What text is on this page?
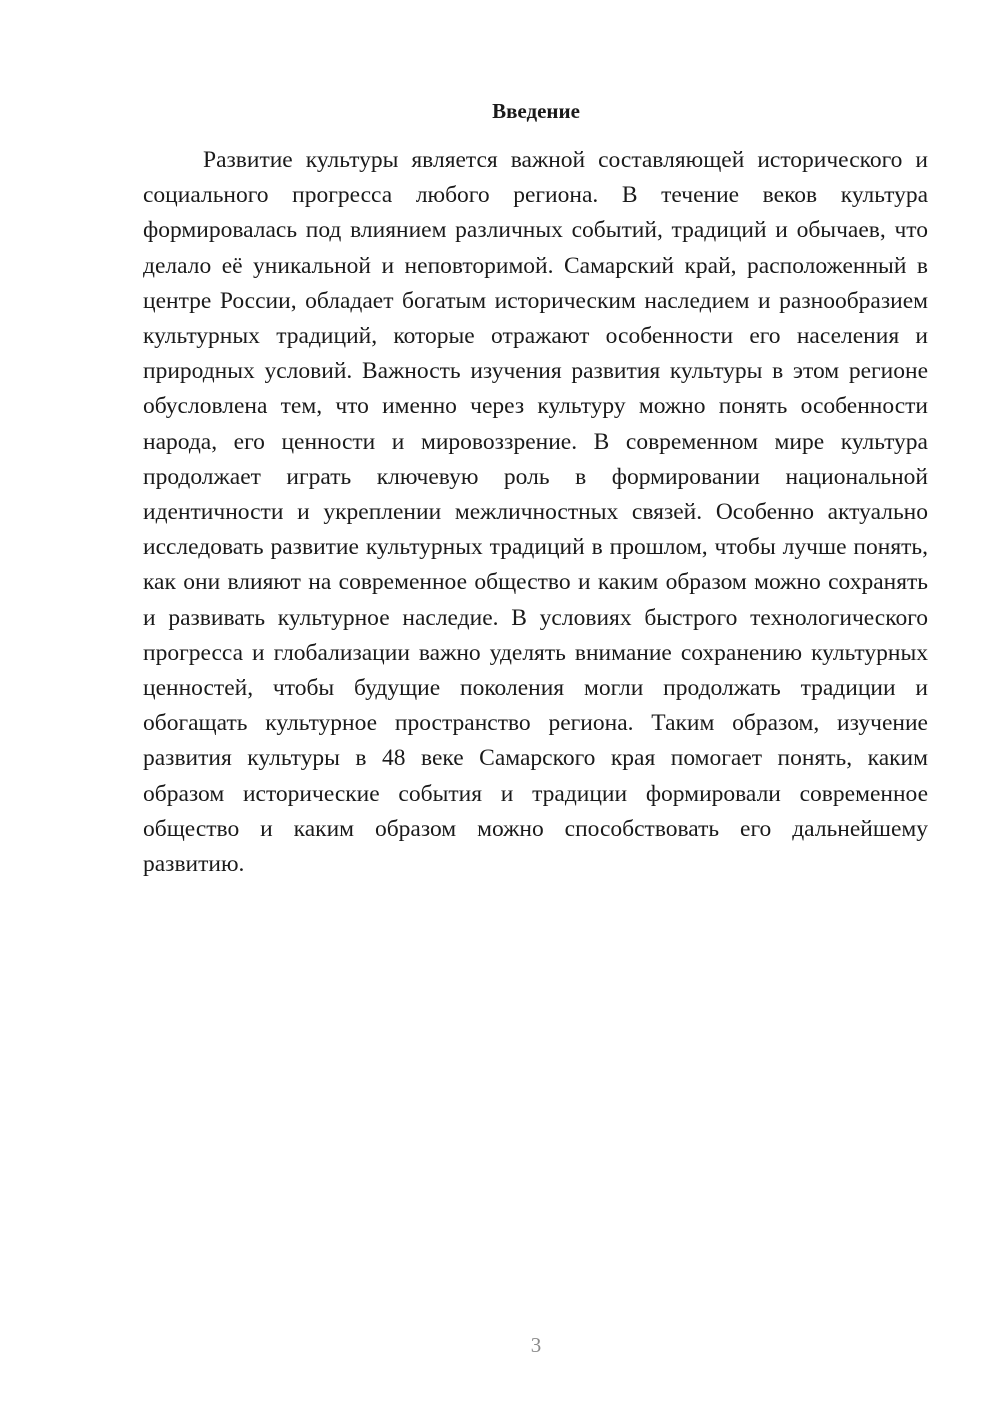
Введение

Развитие культуры является важной составляющей исторического и социального прогресса любого региона. В течение веков культура формировалась под влиянием различных событий, традиций и обычаев, что делало её уникальной и неповторимой. Самарский край, расположенный в центре России, обладает богатым историческим наследием и разнообразием культурных традиций, которые отражают особенности его населения и природных условий. Важность изучения развития культуры в этом регионе обусловлена тем, что именно через культуру можно понять особенности народа, его ценности и мировоззрение. В современном мире культура продолжает играть ключевую роль в формировании национальной идентичности и укреплении межличностных связей. Особенно актуально исследовать развитие культурных традиций в прошлом, чтобы лучше понять, как они влияют на современное общество и каким образом можно сохранять и развивать культурное наследие. В условиях быстрого технологического прогресса и глобализации важно уделять внимание сохранению культурных ценностей, чтобы будущие поколения могли продолжать традиции и обогащать культурное пространство региона. Таким образом, изучение развития культуры в 48 веке Самарского края помогает понять, каким образом исторические события и традиции формировали современное общество и каким образом можно способствовать его дальнейшему развитию.

3
